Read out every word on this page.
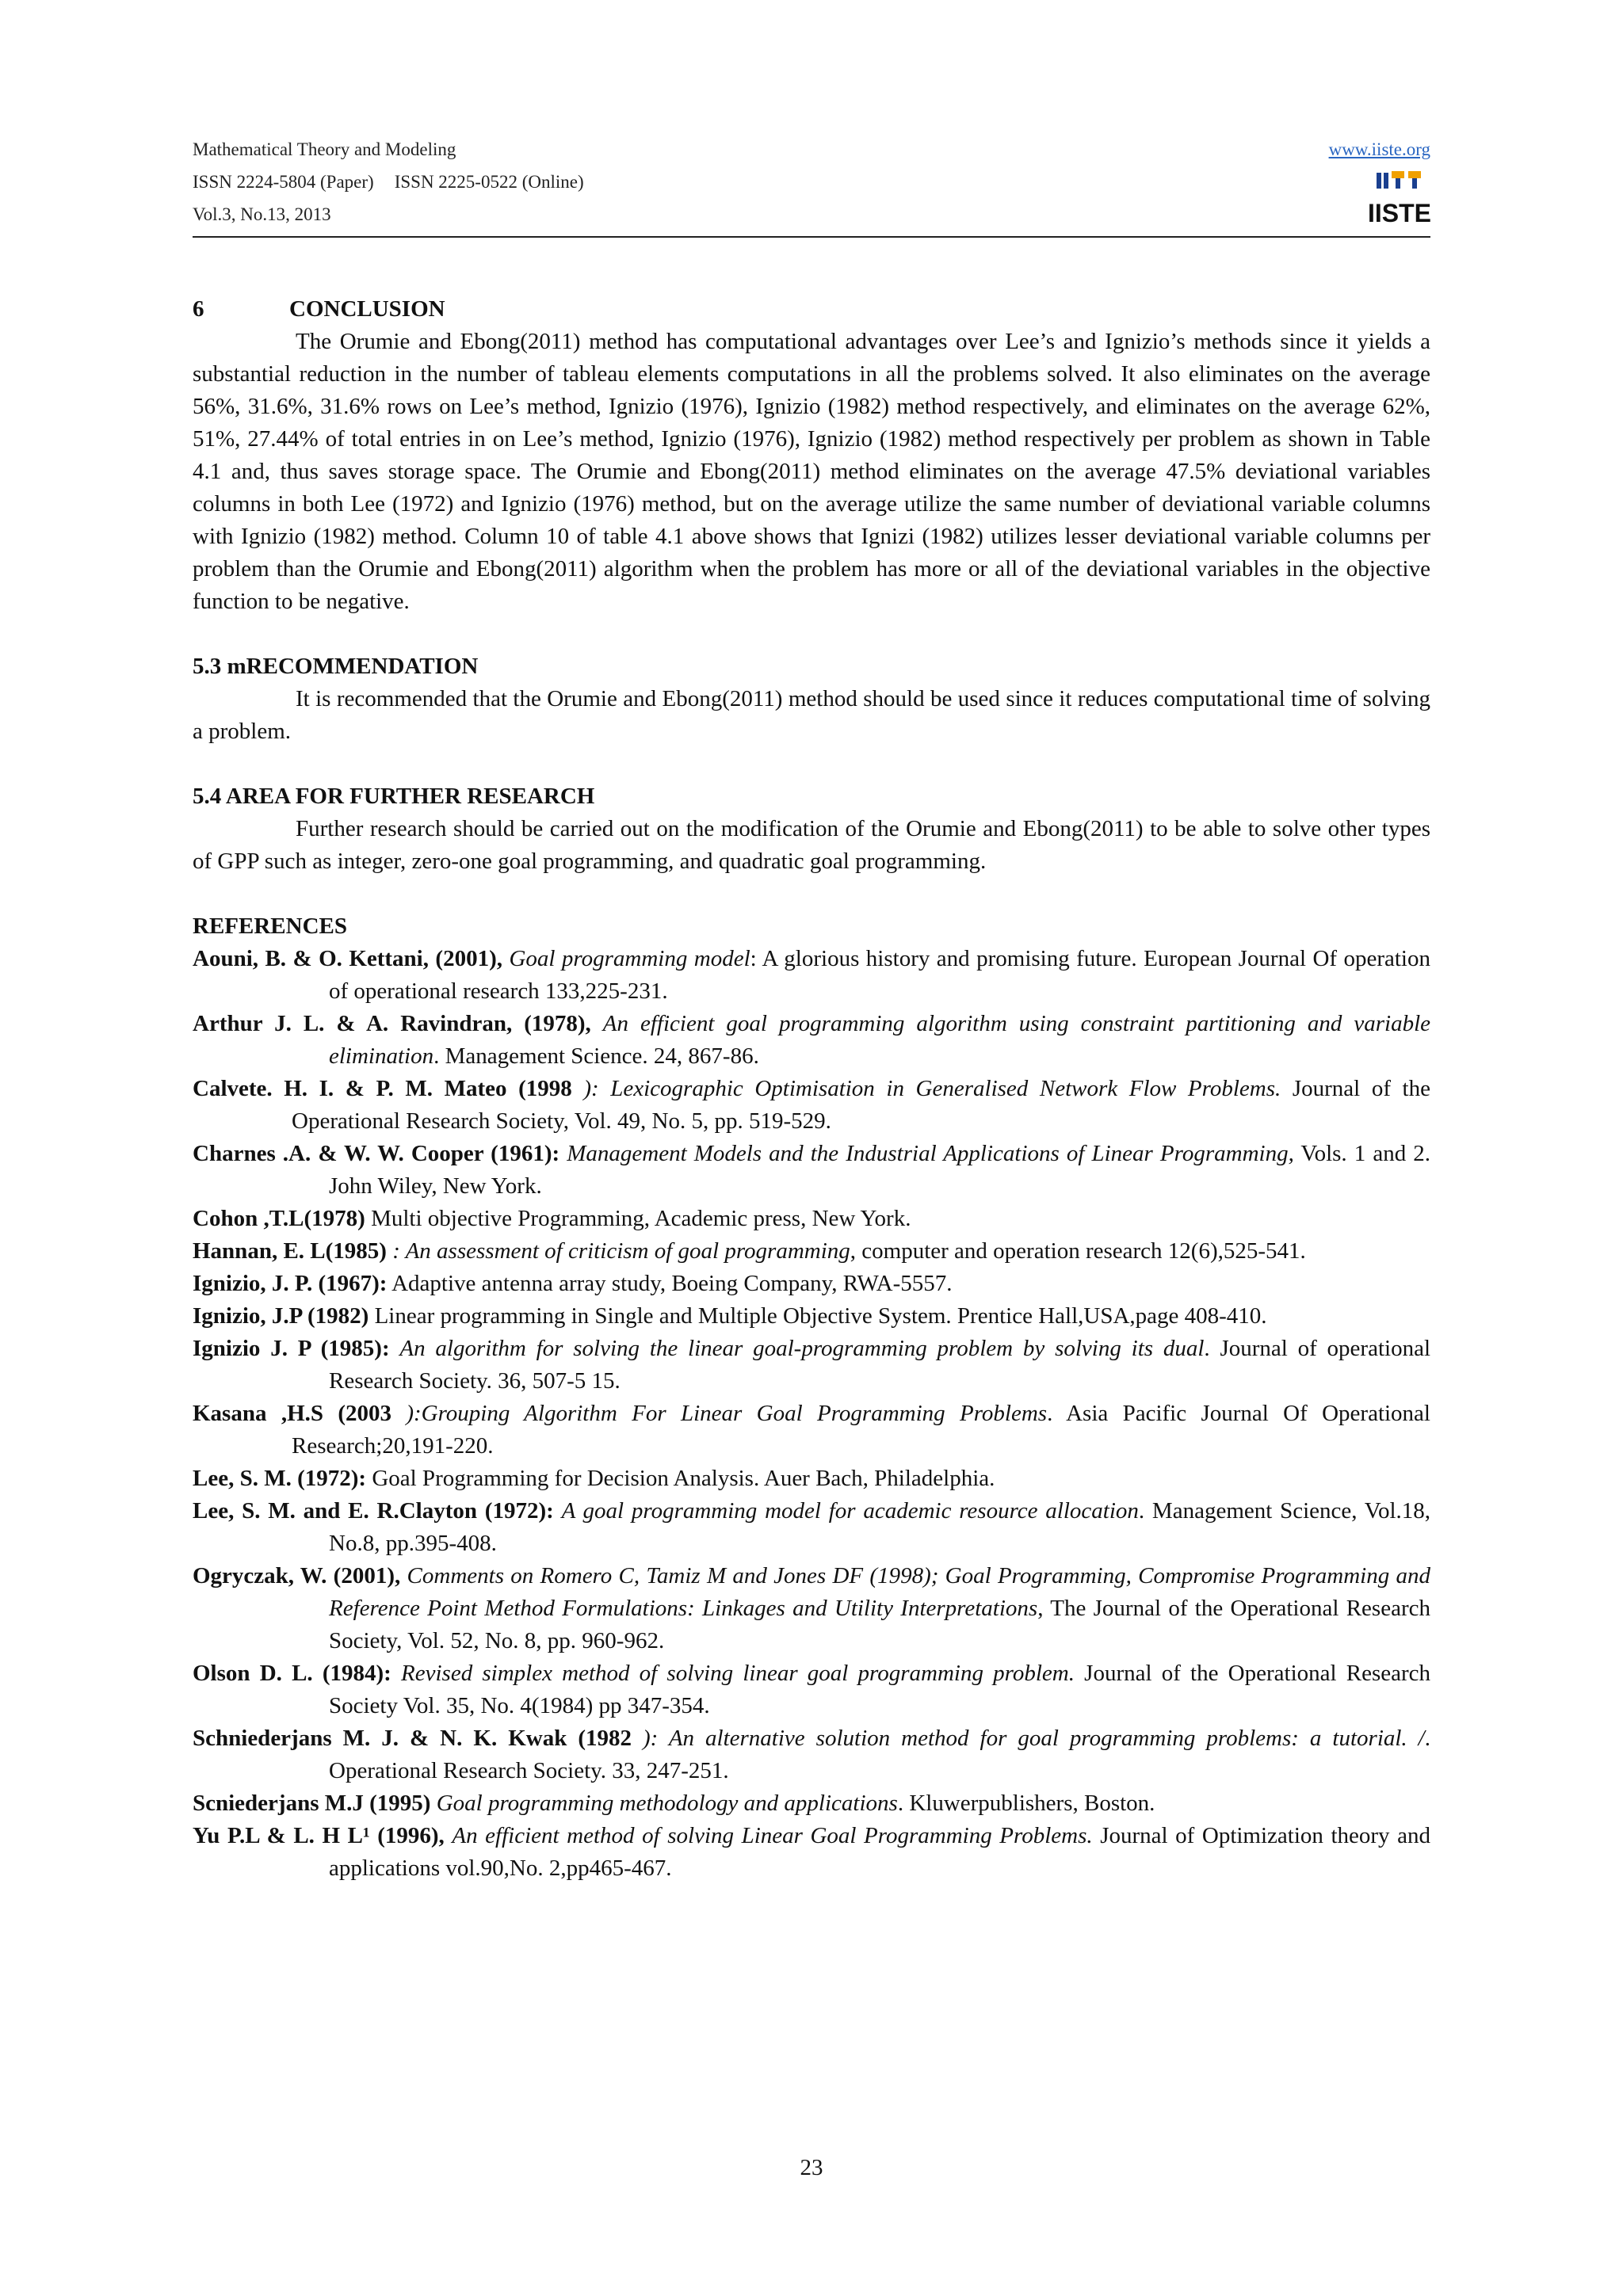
Mathematical Theory and Modeling
ISSN 2224-5804 (Paper) ISSN 2225-0522 (Online)
Vol.3, No.13, 2013
www.iiste.org
IISTE

6	CONCLUSION

The Orumie and Ebong(2011) method has computational advantages over Lee’s and Ignizio’s methods since it yields a substantial reduction in the number of tableau elements computations in all the problems solved. It also eliminates on the average 56%, 31.6%, 31.6% rows on Lee’s method, Ignizio (1976), Ignizio (1982) method respectively, and eliminates on the average 62%, 51%, 27.44% of total entries in on Lee’s method, Ignizio (1976), Ignizio (1982) method respectively per problem as shown in Table 4.1 and, thus saves storage space. The Orumie and Ebong(2011) method eliminates on the average 47.5% deviational variables columns in both Lee (1972) and Ignizio (1976) method, but on the average utilize the same number of deviational variable columns with Ignizio (1982) method. Column 10 of table 4.1 above shows that Ignizi (1982) utilizes lesser deviational variable columns per problem than the Orumie and Ebong(2011) algorithm when the problem has more or all of the deviational variables in the objective function to be negative.

5.3 mRECOMMENDATION

It is recommended that the Orumie and Ebong(2011) method should be used since it reduces computational time of solving a problem.

5.4 AREA FOR FURTHER RESEARCH

Further research should be carried out on the modification of the Orumie and Ebong(2011) to be able to solve other types of GPP such as integer, zero-one goal programming, and quadratic goal programming.

REFERENCES

Aouni, B. & O. Kettani, (2001), Goal programming model: A glorious history and promising future. European Journal Of operation of operational research 133,225-231.

Arthur J. L. & A. Ravindran, (1978), An efficient goal programming algorithm using constraint partitioning and variable elimination. Management Science. 24, 867-86.

Calvete. H. I. & P. M. Mateo (1998 ): Lexicographic Optimisation in Generalised Network Flow Problems. Journal of the Operational Research Society, Vol. 49, No. 5, pp. 519-529.

Charnes .A. & W. W. Cooper (1961): Management Models and the Industrial Applications of Linear Programming, Vols. 1 and 2. John Wiley, New York.

Cohon ,T.L(1978) Multi objective Programming, Academic press, New York.

Hannan, E. L(1985) : An assessment of criticism of goal programming, computer and operation research 12(6),525-541.

Ignizio, J. P. (1967): Adaptive antenna array study, Boeing Company, RWA-5557.

Ignizio, J.P (1982) Linear programming in Single and Multiple Objective System. Prentice Hall,USA,page 408-410.

Ignizio J. P (1985): An algorithm for solving the linear goal-programming problem by solving its dual. Journal of operational Research Society. 36, 507-5 15.

Kasana ,H.S (2003 ):Grouping Algorithm For Linear Goal Programming Problems. Asia Pacific Journal Of Operational Research;20,191-220.

Lee, S. M. (1972): Goal Programming for Decision Analysis. Auer Bach, Philadelphia.

Lee, S. M. and E. R.Clayton (1972): A goal programming model for academic resource allocation. Management Science, Vol.18, No.8, pp.395-408.

Ogryczak, W. (2001), Comments on Romero C, Tamiz M and Jones DF (1998); Goal Programming, Compromise Programming and Reference Point Method Formulations: Linkages and Utility Interpretations, The Journal of the Operational Research Society, Vol. 52, No. 8, pp. 960-962.

Olson D. L. (1984): Revised simplex method of solving linear goal programming problem. Journal of the Operational Research Society Vol. 35, No. 4(1984) pp 347-354.

Schniederjans M. J. & N. K. Kwak (1982 ): An alternative solution method for goal programming problems: a tutorial. /. Operational Research Society. 33, 247-251.

Scniederjans M.J (1995) Goal programming methodology and applications. Kluwerpublishers, Boston.

Yu P.L & L. H L¹ (1996), An efficient method of solving Linear Goal Programming Problems. Journal of Optimization theory and applications vol.90,No. 2,pp465-467.

23
